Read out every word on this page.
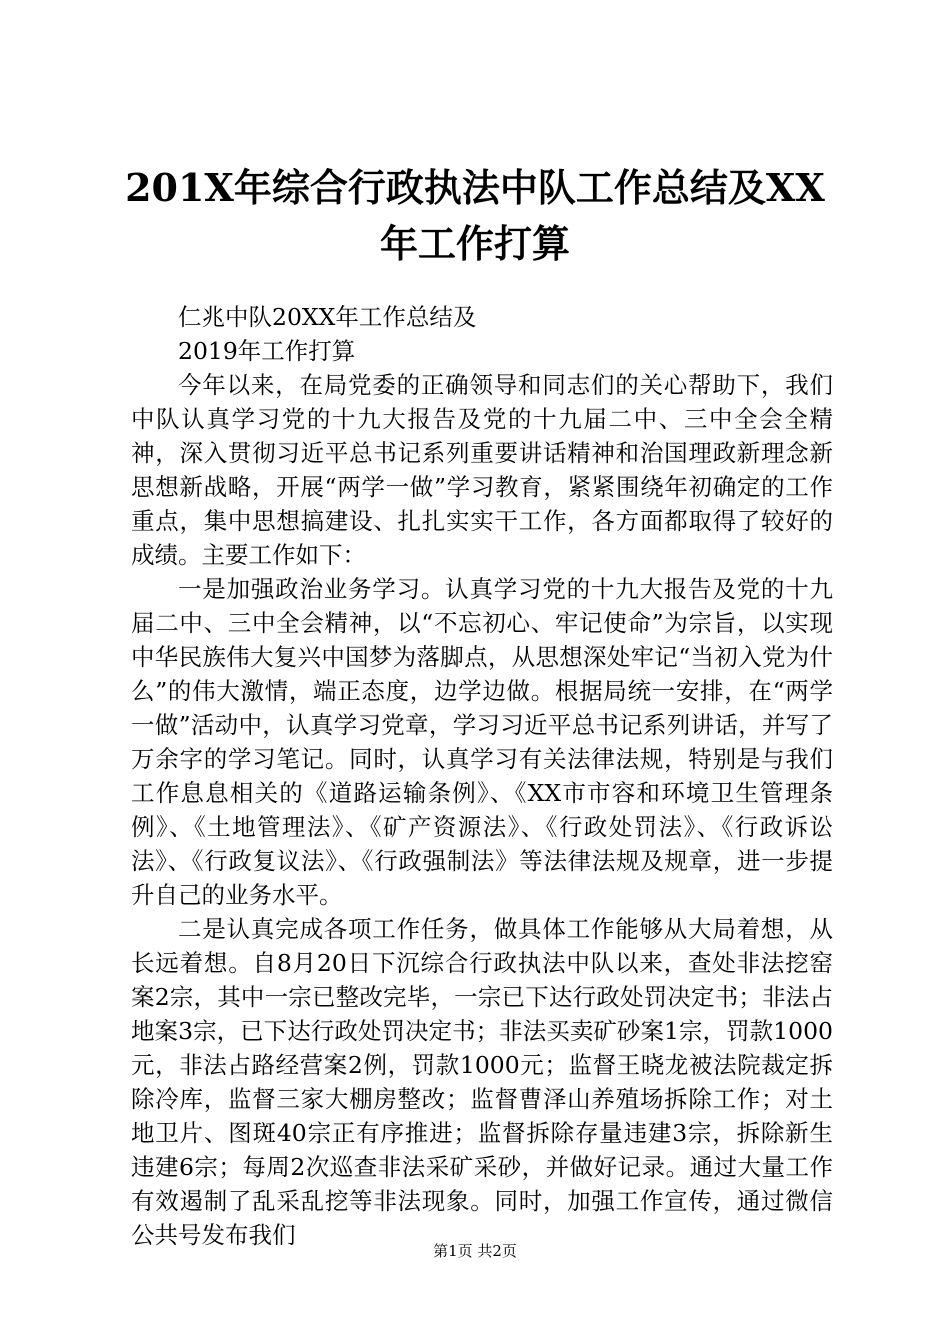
201X年综合行政执法中队工作总结及XX年工作打算

仁兆中队20XX年工作总结及

2019年工作打算

今年以来，在局党委的正确领导和同志们的关心帮助下，我们中队认真学习党的十九大报告及党的十九届二中、三中全会全精神，深入贯彻习近平总书记系列重要讲话精神和治国理政新理念新思想新战略，开展“两学一做”学习教育，紧紧围绕年初确定的工作重点，集中思想搞建设、扎扎实实干工作，各方面都取得了较好的成绩。主要工作如下：

一是加强政治业务学习。认真学习党的十九大报告及党的十九届二中、三中全会精神，以“不忘初心、牢记使命”为宗旨，以实现中华民族伟大复兴中国梦为落脚点，从思想深处牢记“当初入党为什么”的伟大激情，端正态度，边学边做。根据局统一安排，在“两学一做”活动中，认真学习党章，学习习近平总书记系列讲话，并写了万余字的学习笔记。同时，认真学习有关法律法规，特别是与我们工作息息相关的《道路运输条例》、《XX市市容和环境卫生管理条例》、《土地管理法》、《矿产资源法》、《行政处罚法》、《行政诉讼法》、《行政复议法》、《行政强制法》等法律法规及规章，进一步提升自己的业务水平。

二是认真完成各项工作任务，做具体工作能够从大局着想，从长远着想。自8月20日下沉综合行政执法中队以来，查处非法挖窑案2宗，其中一宗已整改完毕，一宗已下达行政处罚决定书；非法占地案3宗，已下达行政处罚决定书；非法买卖矿砂案1宗，罚款1000元，非法占路经营案2例，罚款1000元；监督王晓龙被法院裁定拆除冷库，监督三家大棚房整改；监督曹泽山养殖场拆除工作；对土地卫片、图斑40宗正有序推进；监督拆除存量违建3宗，拆除新生违建6宗；每周2次巡查非法采矿采砂，并做好记录。通过大量工作有效遏制了乱采乱挖等非法现象。同时，加强工作宣传，通过微信公共号发布我们

第1页 共2页
